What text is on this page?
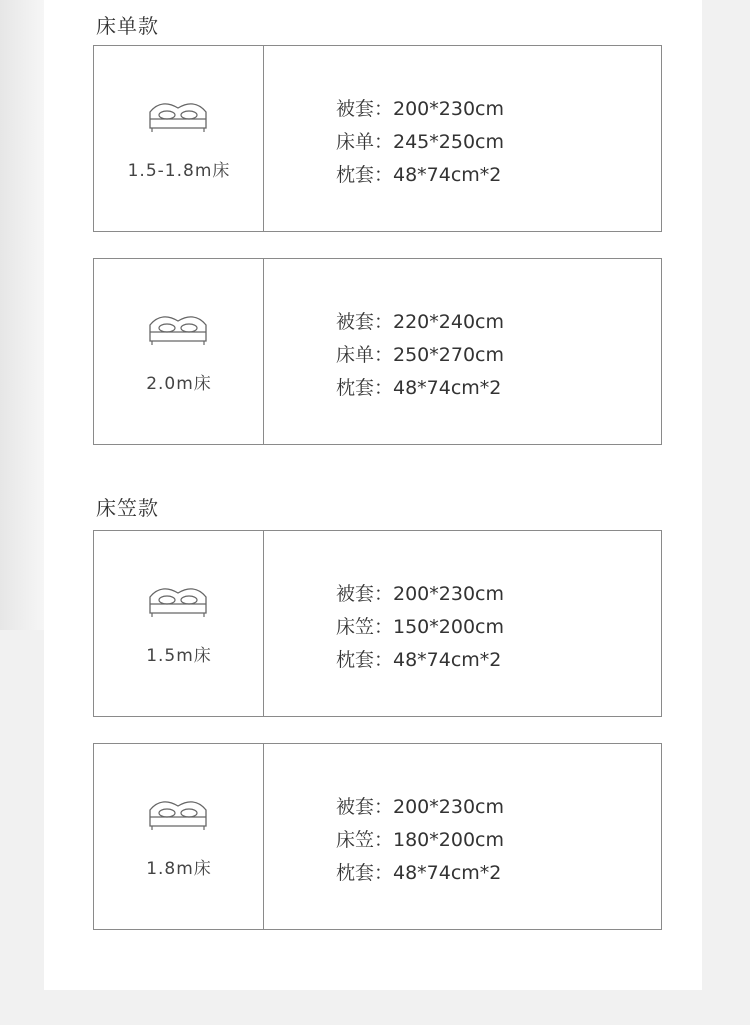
床单款
1.5-1.8m床
被套：200*230cm
床单：245*250cm
枕套：48*74cm*2
2.0m床
被套：220*240cm
床单：250*270cm
枕套：48*74cm*2
床笠款
1.5m床
被套：200*230cm
床笠：150*200cm
枕套：48*74cm*2
1.8m床
被套：200*230cm
床笠：180*200cm
枕套：48*74cm*2
